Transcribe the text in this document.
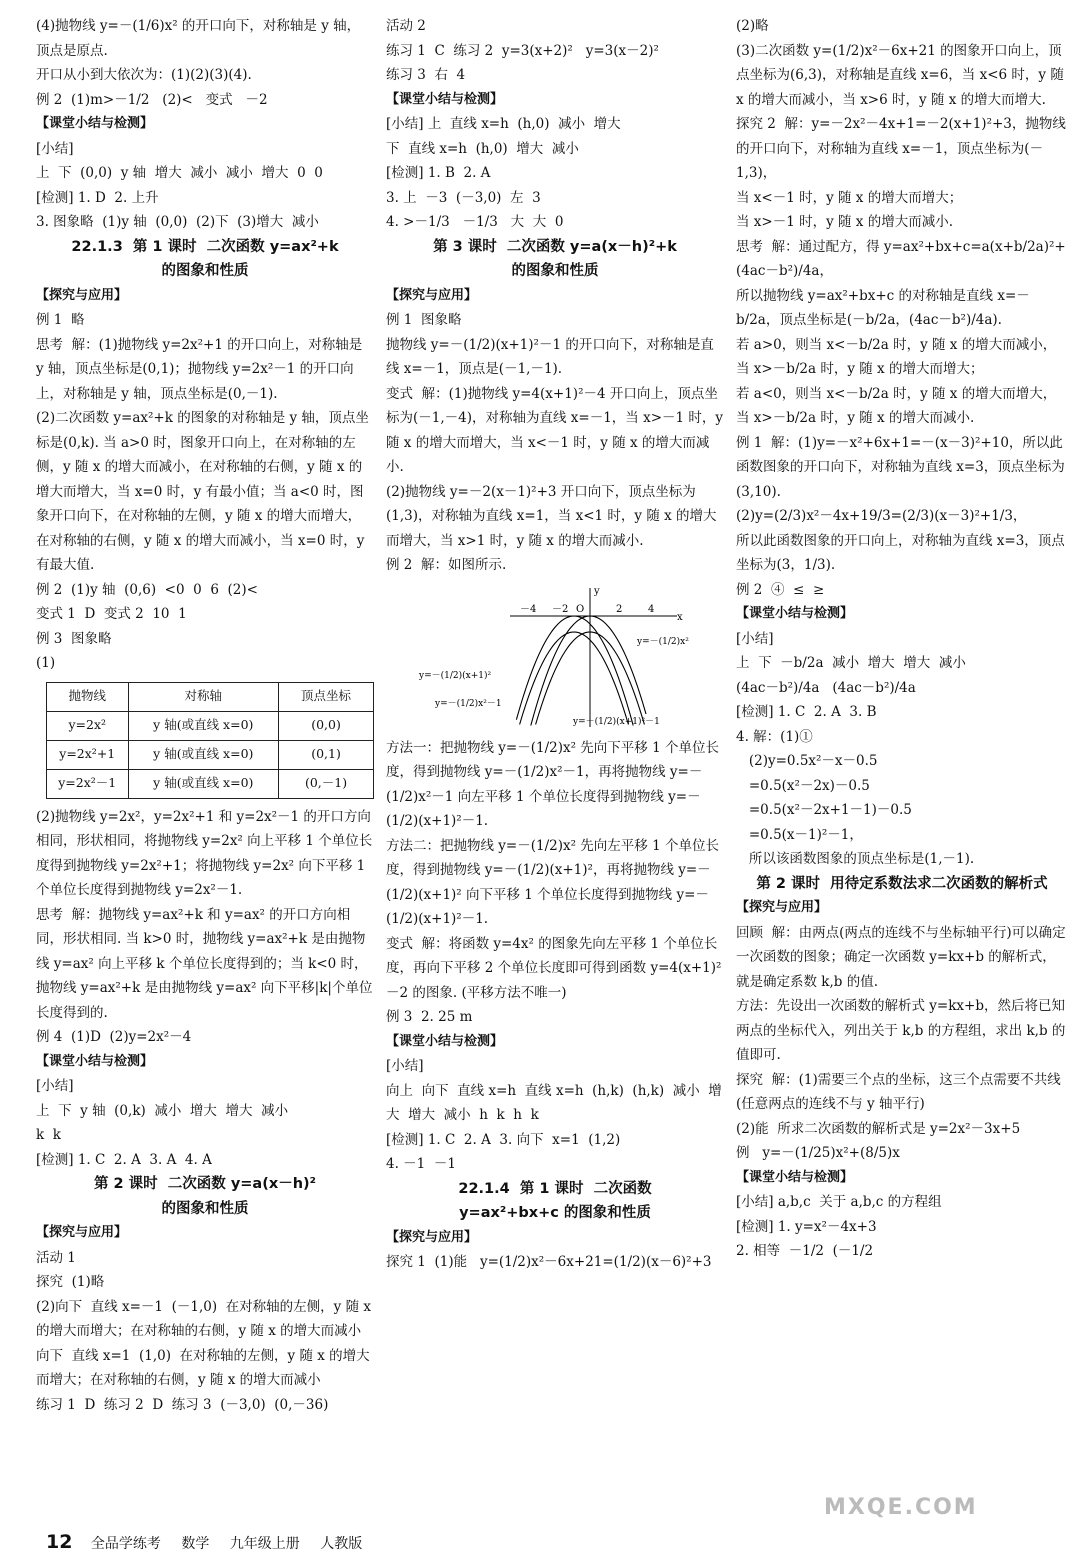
(4)抛物线 y=－(1/6)x² 的开口向下，对称轴是 y 轴，

顶点是原点.

开口从小到大依次为：(1)(2)(3)(4).

例 2  (1)m>－1/2   (2)<   变式   －2

【课堂小结与检测】

[小结]

上  下  (0,0)  y 轴  增大  减小  减小  增大  0  0

[检测] 1. D  2. 上升

3. 图象略  (1)y 轴  (0,0)  (2)下  (3)增大  减小

22.1.3  第 1 课时  二次函数 y=ax²+k

的图象和性质

【探究与应用】

例 1  略

思考  解：(1)抛物线 y=2x²+1 的开口向上，对称轴是 y 轴，顶点坐标是(0,1)；抛物线 y=2x²－1 的开口向上，对称轴是 y 轴，顶点坐标是(0,－1).

(2)二次函数 y=ax²+k 的图象的对称轴是 y 轴，顶点坐标是(0,k). 当 a>0 时，图象开口向上，在对称轴的左侧，y 随 x 的增大而减小，在对称轴的右侧，y 随 x 的增大而增大，当 x=0 时，y 有最小值；当 a<0 时，图象开口向下，在对称轴的左侧，y 随 x 的增大而增大，在对称轴的右侧，y 随 x 的增大而减小，当 x=0 时，y 有最大值.

例 2  (1)y 轴  (0,6)  <0  0  6  (2)<

变式 1  D  变式 2  10  1

例 3  图象略

(1)

抛物线	对称轴	顶点坐标
y=2x²	y 轴(或直线 x=0)	(0,0)
y=2x²+1	y 轴(或直线 x=0)	(0,1)
y=2x²－1	y 轴(或直线 x=0)	(0,－1)

(2)抛物线 y=2x²，y=2x²+1 和 y=2x²－1 的开口方向相同，形状相同，将抛物线 y=2x² 向上平移 1 个单位长度得到抛物线 y=2x²+1；将抛物线 y=2x² 向下平移 1 个单位长度得到抛物线 y=2x²－1.

思考  解：抛物线 y=ax²+k 和 y=ax² 的开口方向相同，形状相同. 当 k>0 时，抛物线 y=ax²+k 是由抛物线 y=ax² 向上平移 k 个单位长度得到的；当 k<0 时，抛物线 y=ax²+k 是由抛物线 y=ax² 向下平移|k|个单位长度得到的.

例 4  (1)D  (2)y=2x²－4

【课堂小结与检测】

[小结]

上  下  y 轴  (0,k)  减小  增大  增大  减小

k  k

[检测] 1. C  2. A  3. A  4. A

第 2 课时  二次函数 y=a(x－h)²

的图象和性质

【探究与应用】

活动 1

探究  (1)略

(2)向下  直线 x=－1  (－1,0)  在对称轴的左侧，y 随 x 的增大而增大；在对称轴的右侧，y 随 x 的增大而减小  向下  直线 x=1  (1,0)  在对称轴的左侧，y 随 x 的增大而增大；在对称轴的右侧，y 随 x 的增大而减小

练习 1  D  练习 2  D  练习 3  (－3,0)  (0,－36)

活动 2

练习 1  C  练习 2  y=3(x+2)²   y=3(x－2)²

练习 3  右  4

【课堂小结与检测】

[小结] 上  直线 x=h  (h,0)  减小  增大

下  直线 x=h  (h,0)  增大  减小

[检测] 1. B  2. A

3. 上  －3  (－3,0)  左  3

4. >－1/3   －1/3   大  大  0

第 3 课时  二次函数 y=a(x－h)²+k

的图象和性质

【探究与应用】

例 1  图象略

抛物线 y=－(1/2)(x+1)²－1 的开口向下，对称轴是直线 x=－1，顶点是(－1,－1).

变式  解：(1)抛物线 y=4(x+1)²－4 开口向上，顶点坐标为(－1,－4)，对称轴为直线 x=－1，当 x>－1 时，y 随 x 的增大而增大，当 x<－1 时，y 随 x 的增大而减小.

(2)抛物线 y=－2(x－1)²+3 开口向下，顶点坐标为(1,3)，对称轴为直线 x=1，当 x<1 时，y 随 x 的增大而增大，当 x>1 时，y 随 x 的增大而减小.

例 2  解：如图所示.

x
y
O
－4 －2	2	4
y=－(1/2)x²
y=－(1/2)(x+1)²
y=－(1/2)x²－1
y=－(1/2)(x+1)²－1

方法一：把抛物线 y=－(1/2)x² 先向下平移 1 个单位长度，得到抛物线 y=－(1/2)x²－1，再将抛物线 y=－(1/2)x²－1 向左平移 1 个单位长度得到抛物线 y=－(1/2)(x+1)²－1.

方法二：把抛物线 y=－(1/2)x² 先向左平移 1 个单位长度，得到抛物线 y=－(1/2)(x+1)²，再将抛物线 y=－(1/2)(x+1)² 向下平移 1 个单位长度得到抛物线 y=－(1/2)(x+1)²－1.

变式  解：将函数 y=4x² 的图象先向左平移 1 个单位长度，再向下平移 2 个单位长度即可得到函数 y=4(x+1)²－2 的图象. (平移方法不唯一)

例 3  2. 25 m

【课堂小结与检测】

[小结]

向上  向下  直线 x=h  直线 x=h  (h,k)  (h,k)  减小  增大  增大  减小  h  k  h  k

[检测] 1. C  2. A  3. 向下  x=1  (1,2)

4. －1  －1

22.1.4  第 1 课时  二次函数

y=ax²+bx+c 的图象和性质

【探究与应用】

探究 1  (1)能   y=(1/2)x²－6x+21=(1/2)(x－6)²+3

(2)略

(3)二次函数 y=(1/2)x²－6x+21 的图象开口向上，顶点坐标为(6,3)，对称轴是直线 x=6，当 x<6 时，y 随 x 的增大而减小，当 x>6 时，y 随 x 的增大而增大.

探究 2  解：y=－2x²－4x+1=－2(x+1)²+3，抛物线的开口向下，对称轴为直线 x=－1，顶点坐标为(－1,3)，

当 x<－1 时，y 随 x 的增大而增大；

当 x>－1 时，y 随 x 的增大而减小.

思考  解：通过配方，得 y=ax²+bx+c=a(x+b/2a)²+(4ac－b²)/4a，

所以抛物线 y=ax²+bx+c 的对称轴是直线 x=－b/2a，顶点坐标是(－b/2a，(4ac－b²)/4a).

若 a>0，则当 x<－b/2a 时，y 随 x 的增大而减小，当 x>－b/2a 时，y 随 x 的增大而增大；

若 a<0，则当 x<－b/2a 时，y 随 x 的增大而增大，当 x>－b/2a 时，y 随 x 的增大而减小.

例 1  解：(1)y=－x²+6x+1=－(x－3)²+10，所以此函数图象的开口向下，对称轴为直线 x=3，顶点坐标为(3,10).

(2)y=(2/3)x²－4x+19/3=(2/3)(x－3)²+1/3，

所以此函数图象的开口向上，对称轴为直线 x=3，顶点坐标为(3，1/3).

例 2  ④  ≤  ≥

【课堂小结与检测】

[小结]

上  下  －b/2a  减小  增大  增大  减小

(4ac－b²)/4a   (4ac－b²)/4a

[检测] 1. C  2. A  3. B

4. 解：(1)①

(2)y=0.5x²－x－0.5

=0.5(x²－2x)－0.5

=0.5(x²－2x+1－1)－0.5

=0.5(x－1)²－1，

所以该函数图象的顶点坐标是(1,－1).

第 2 课时  用待定系数法求二次函数的解析式

【探究与应用】

回顾  解：由两点(两点的连线不与坐标轴平行)可以确定一次函数的图象；确定一次函数 y=kx+b 的解析式，就是确定系数 k,b 的值.

方法：先设出一次函数的解析式 y=kx+b，然后将已知两点的坐标代入，列出关于 k,b 的方程组，求出 k,b 的值即可.

探究  解：(1)需要三个点的坐标，这三个点需要不共线(任意两点的连线不与 y 轴平行)

(2)能  所求二次函数的解析式是 y=2x²－3x+5

例   y=－(1/25)x²+(8/5)x

【课堂小结与检测】

[小结] a,b,c  关于 a,b,c 的方程组

[检测] 1. y=x²－4x+3

2. 相等  －1/2  (－1/2

12 全品学练考 数学 九年级上册 人教版
MXQE.COM
